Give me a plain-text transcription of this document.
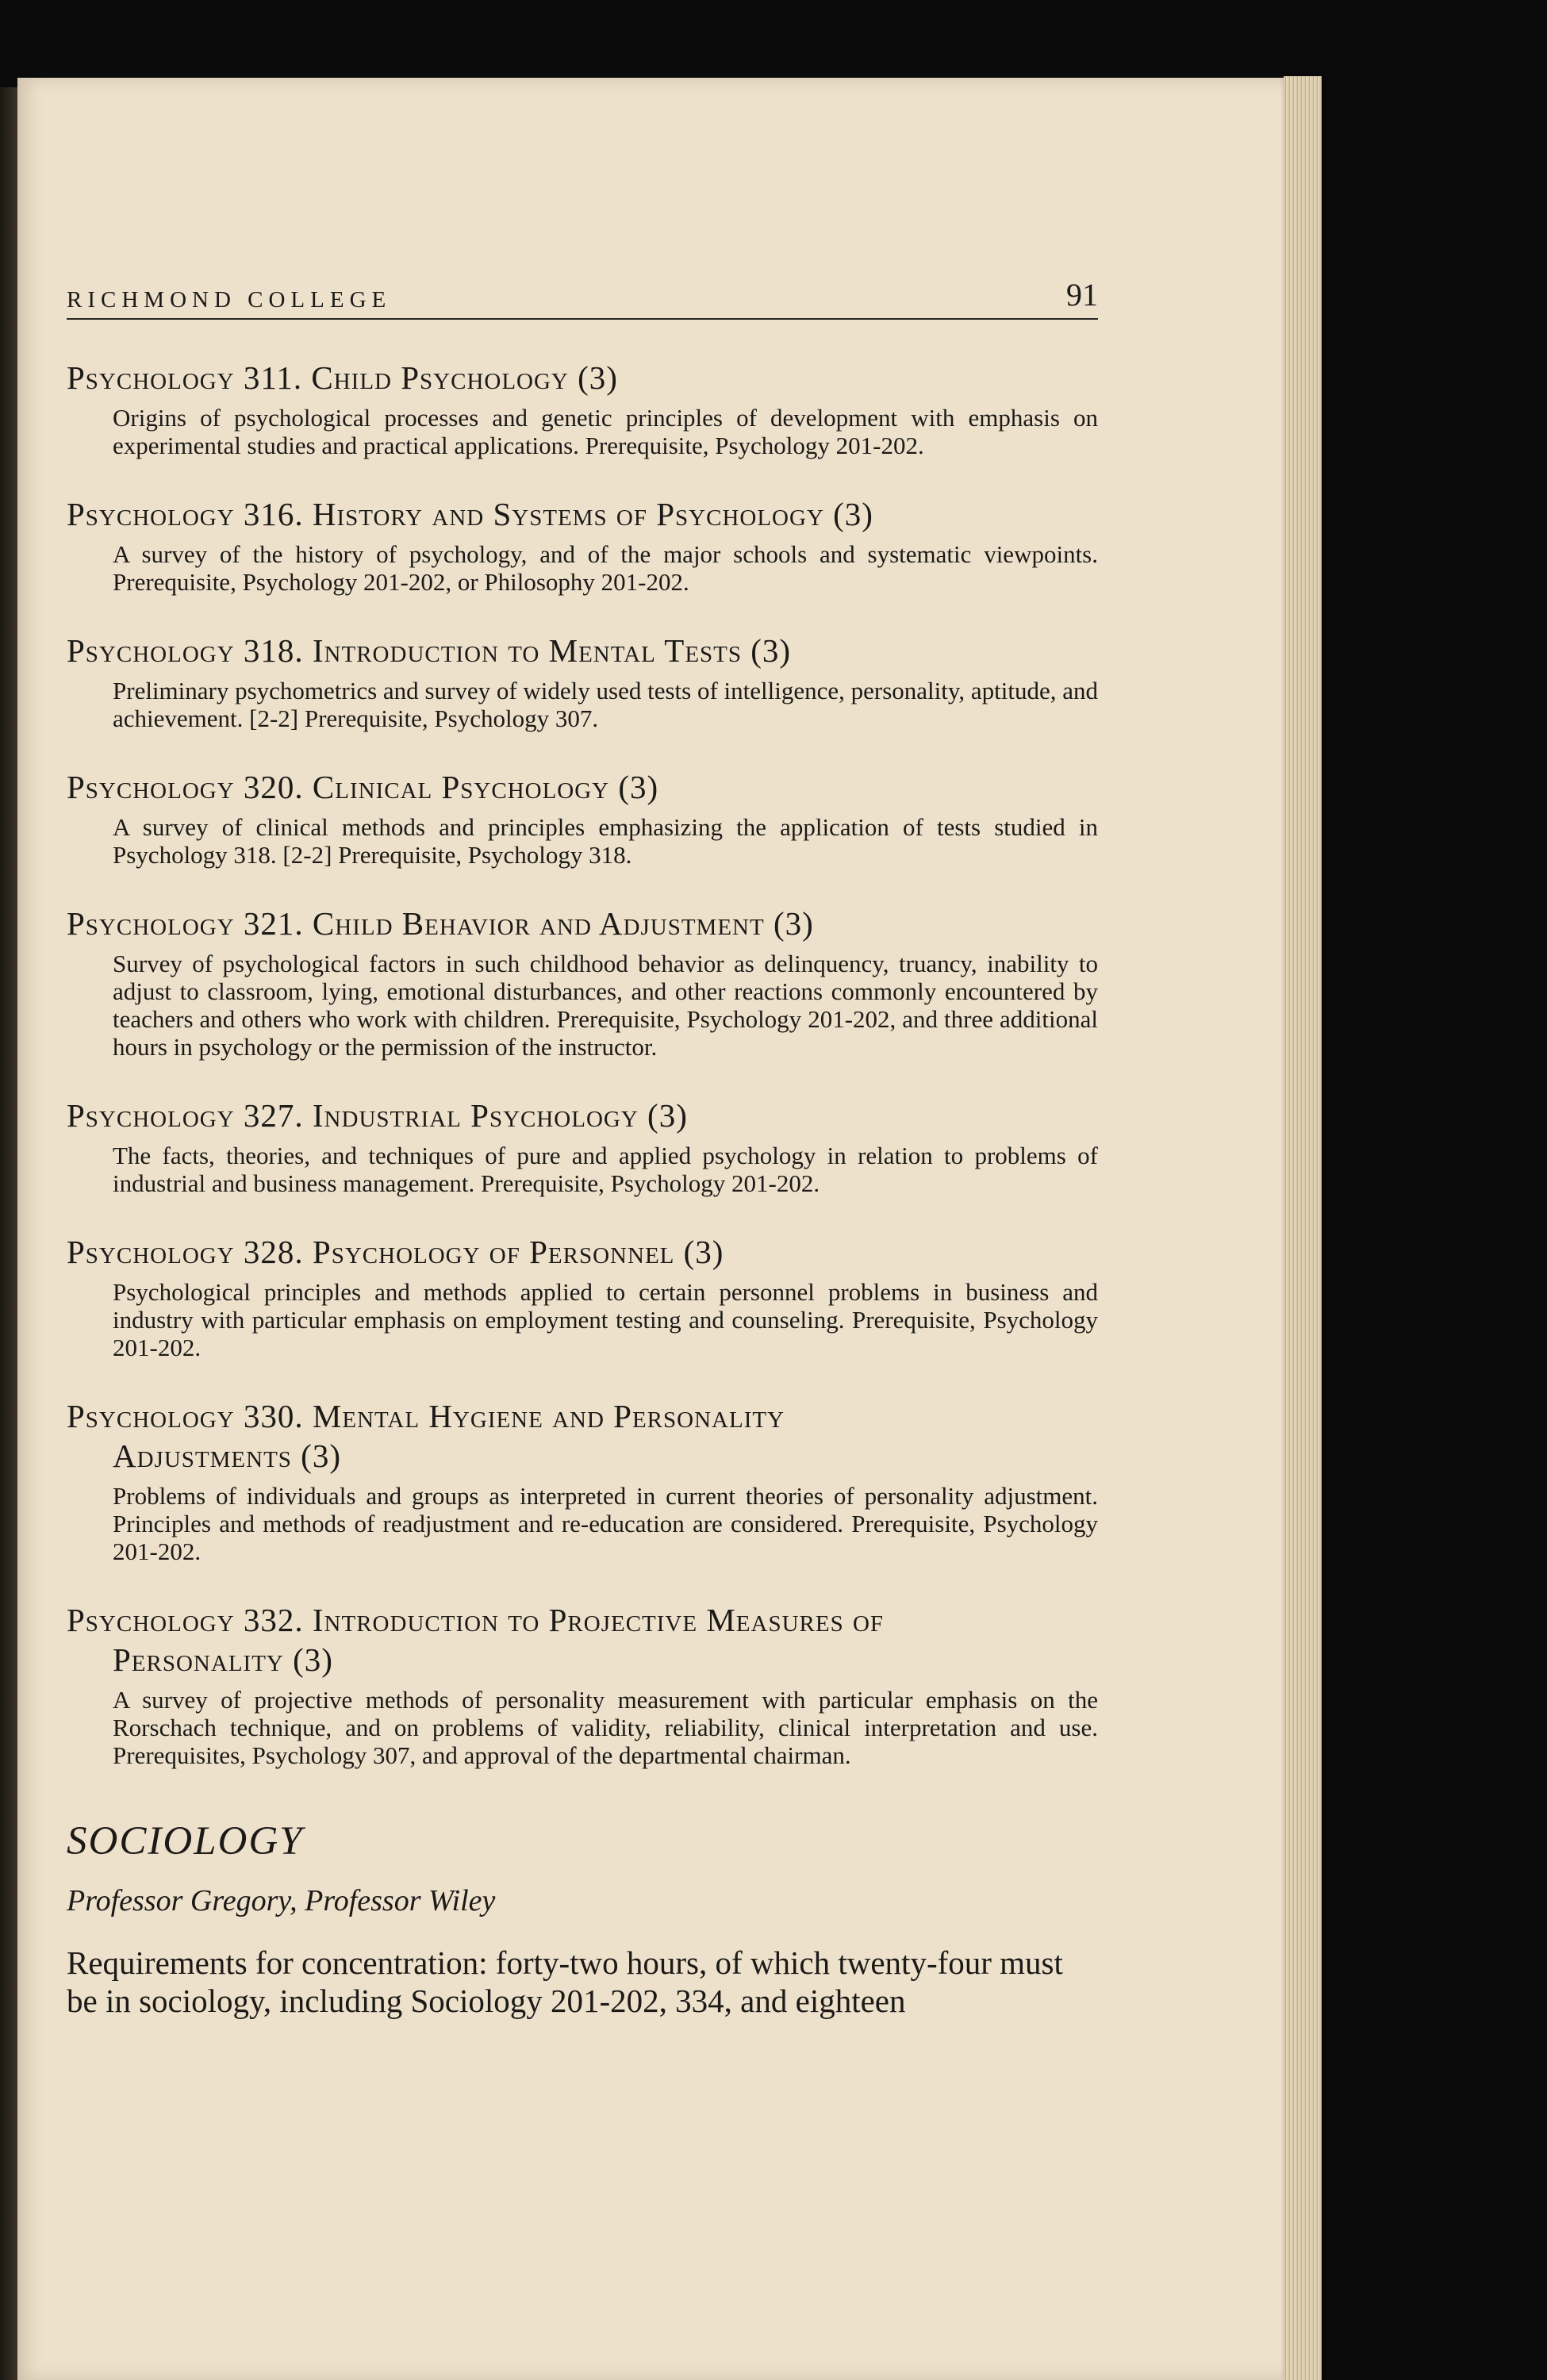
RICHMOND COLLEGE	91

Psychology 311. Child Psychology (3)

Origins of psychological processes and genetic principles of development with emphasis on experimental studies and practical applications. Prerequisite, Psychology 201-202.

Psychology 316. History and Systems of Psychology (3)

A survey of the history of psychology, and of the major schools and systematic viewpoints. Prerequisite, Psychology 201-202, or Philosophy 201-202.

Psychology 318. Introduction to Mental Tests (3)

Preliminary psychometrics and survey of widely used tests of intelligence, personality, aptitude, and achievement. [2-2] Prerequisite, Psychology 307.

Psychology 320. Clinical Psychology (3)

A survey of clinical methods and principles emphasizing the application of tests studied in Psychology 318. [2-2] Prerequisite, Psychology 318.

Psychology 321. Child Behavior and Adjustment (3)

Survey of psychological factors in such childhood behavior as delinquency, truancy, inability to adjust to classroom, lying, emotional disturbances, and other reactions commonly encountered by teachers and others who work with children. Prerequisite, Psychology 201-202, and three additional hours in psychology or the permission of the instructor.

Psychology 327. Industrial Psychology (3)

The facts, theories, and techniques of pure and applied psychology in relation to problems of industrial and business management. Prerequisite, Psychology 201-202.

Psychology 328. Psychology of Personnel (3)

Psychological principles and methods applied to certain personnel problems in business and industry with particular emphasis on employment testing and counseling. Prerequisite, Psychology 201-202.

Psychology 330. Mental Hygiene and Personality
Adjustments (3)

Problems of individuals and groups as interpreted in current theories of personality adjustment. Principles and methods of readjustment and re-education are considered. Prerequisite, Psychology 201-202.

Psychology 332. Introduction to Projective Measures of
Personality (3)

A survey of projective methods of personality measurement with particular emphasis on the Rorschach technique, and on problems of validity, reliability, clinical interpretation and use. Prerequisites, Psychology 307, and approval of the departmental chairman.

SOCIOLOGY

Professor Gregory, Professor Wiley

Requirements for concentration: forty-two hours, of which twenty-four must be in sociology, including Sociology 201-202, 334, and eighteen
